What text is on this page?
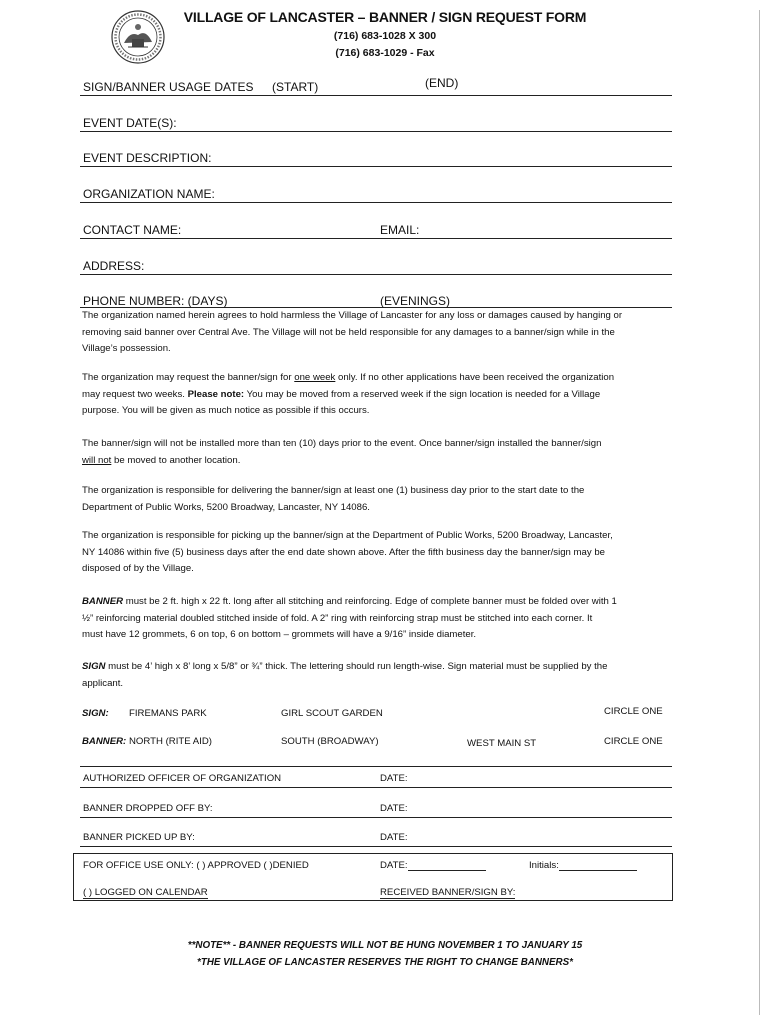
VILLAGE OF LANCASTER – BANNER / SIGN REQUEST FORM
(716) 683-1028 X 300
(716) 683-1029 - Fax
SIGN/BANNER USAGE DATES (START)	(END)
EVENT DATE(S):
EVENT DESCRIPTION:
ORGANIZATION NAME:
CONTACT NAME:	EMAIL:
ADDRESS:
PHONE NUMBER: (DAYS)	(EVENINGS)

The organization named herein agrees to hold harmless the Village of Lancaster for any loss or damages caused by hanging or

removing said banner over Central Ave. The Village will not be held responsible for any damages to a banner/sign while in the

Village’s possession.

The organization may request the banner/sign for one week only. If no other applications have been received the organization

may request two weeks. Please note: You may be moved from a reserved week if the sign location is needed for a Village

purpose. You will be given as much notice as possible if this occurs.

The banner/sign will not be installed more than ten (10) days prior to the event. Once banner/sign installed the banner/sign

will not be moved to another location.

The organization is responsible for delivering the banner/sign at least one (1) business day prior to the start date to the

Department of Public Works, 5200 Broadway, Lancaster, NY 14086.

The organization is responsible for picking up the banner/sign at the Department of Public Works, 5200 Broadway, Lancaster,

NY 14086 within five (5) business days after the end date shown above. After the fifth business day the banner/sign may be

disposed of by the Village.

BANNER must be 2 ft. high x 22 ft. long after all stitching and reinforcing. Edge of complete banner must be folded over with 1

½” reinforcing material doubled stitched inside of fold. A 2” ring with reinforcing strap must be stitched into each corner. It

must have 12 grommets, 6 on top, 6 on bottom – grommets will have a 9/16” inside diameter.

SIGN must be 4’ high x 8’ long x 5/8” or ¾” thick. The lettering should run length-wise. Sign material must be supplied by the

applicant.

SIGN: FIREMANS PARK	GIRL SCOUT GARDEN	CIRCLE ONE
BANNER: NORTH (RITE AID)	SOUTH (BROADWAY)	WEST MAIN ST	CIRCLE ONE
AUTHORIZED OFFICER OF ORGANIZATION	DATE:
BANNER DROPPED OFF BY:	DATE:
BANNER PICKED UP BY:	DATE:
FOR OFFICE USE ONLY: ( ) APPROVED ( )DENIED	DATE:	Initials:
( ) LOGGED ON CALENDAR	RECEIVED BANNER/SIGN BY:
**NOTE** - BANNER REQUESTS WILL NOT BE HUNG NOVEMBER 1 TO JANUARY 15
*THE VILLAGE OF LANCASTER RESERVES THE RIGHT TO CHANGE BANNERS*
